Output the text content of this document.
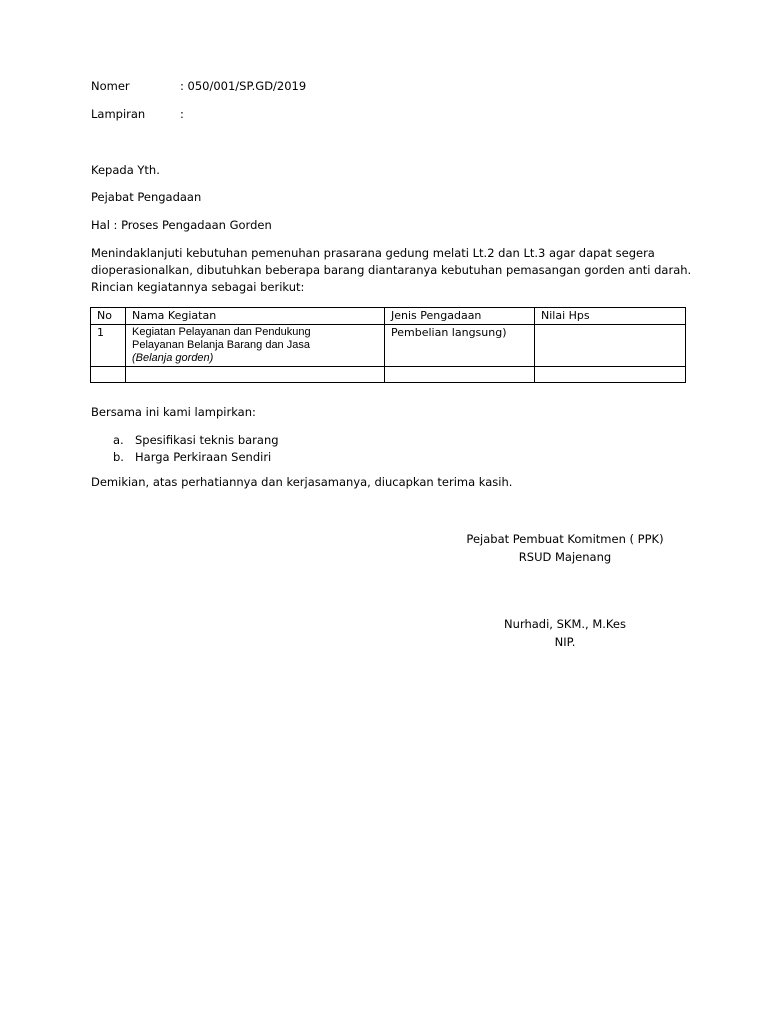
Nomer	: 050/001/SP.GD/2019
Lampiran	:
Kepada Yth.
Pejabat Pengadaan
Hal : Proses Pengadaan Gorden
Menindaklanjuti kebutuhan pemenuhan prasarana gedung melati Lt.2 dan Lt.3 agar dapat segera
dioperasionalkan, dibutuhkan beberapa barang diantaranya kebutuhan pemasangan gorden anti darah.
Rincian kegiatannya sebagai berikut:
No	Nama Kegiatan	Jenis Pengadaan	Nilai Hps
1	Kegiatan Pelayanan dan Pendukung
Pelayanan Belanja Barang dan Jasa
(Belanja gorden)	Pembelian langsung)	

Bersama ini kami lampirkan:
a. Spesifikasi teknis barang
b. Harga Perkiraan Sendiri
Demikian, atas perhatiannya dan kerjasamanya, diucapkan terima kasih.
Pejabat Pembuat Komitmen ( PPK)
RSUD Majenang
Nurhadi, SKM., M.Kes
NIP.
